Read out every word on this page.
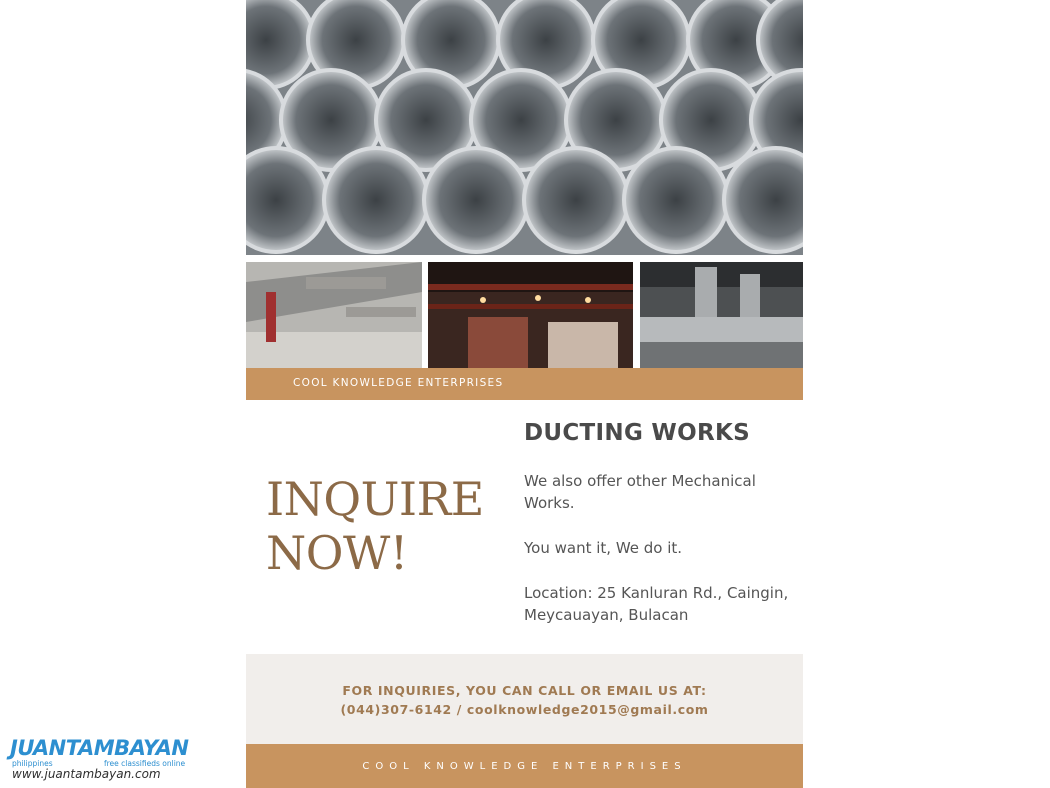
COOL KNOWLEDGE ENTERPRISES
INQUIRE
NOW!
DUCTING WORKS
We also offer other Mechanical Works.
You want it, We do it.
Location: 25 Kanluran Rd., Caingin, Meycauayan, Bulacan
FOR INQUIRIES, YOU CAN CALL OR EMAIL US AT:
(044)307-6142 / coolknowledge2015@gmail.com
COOL KNOWLEDGE ENTERPRISES
JUANTAMBAYAN
philippines	free classifieds online
www.juantambayan.com
